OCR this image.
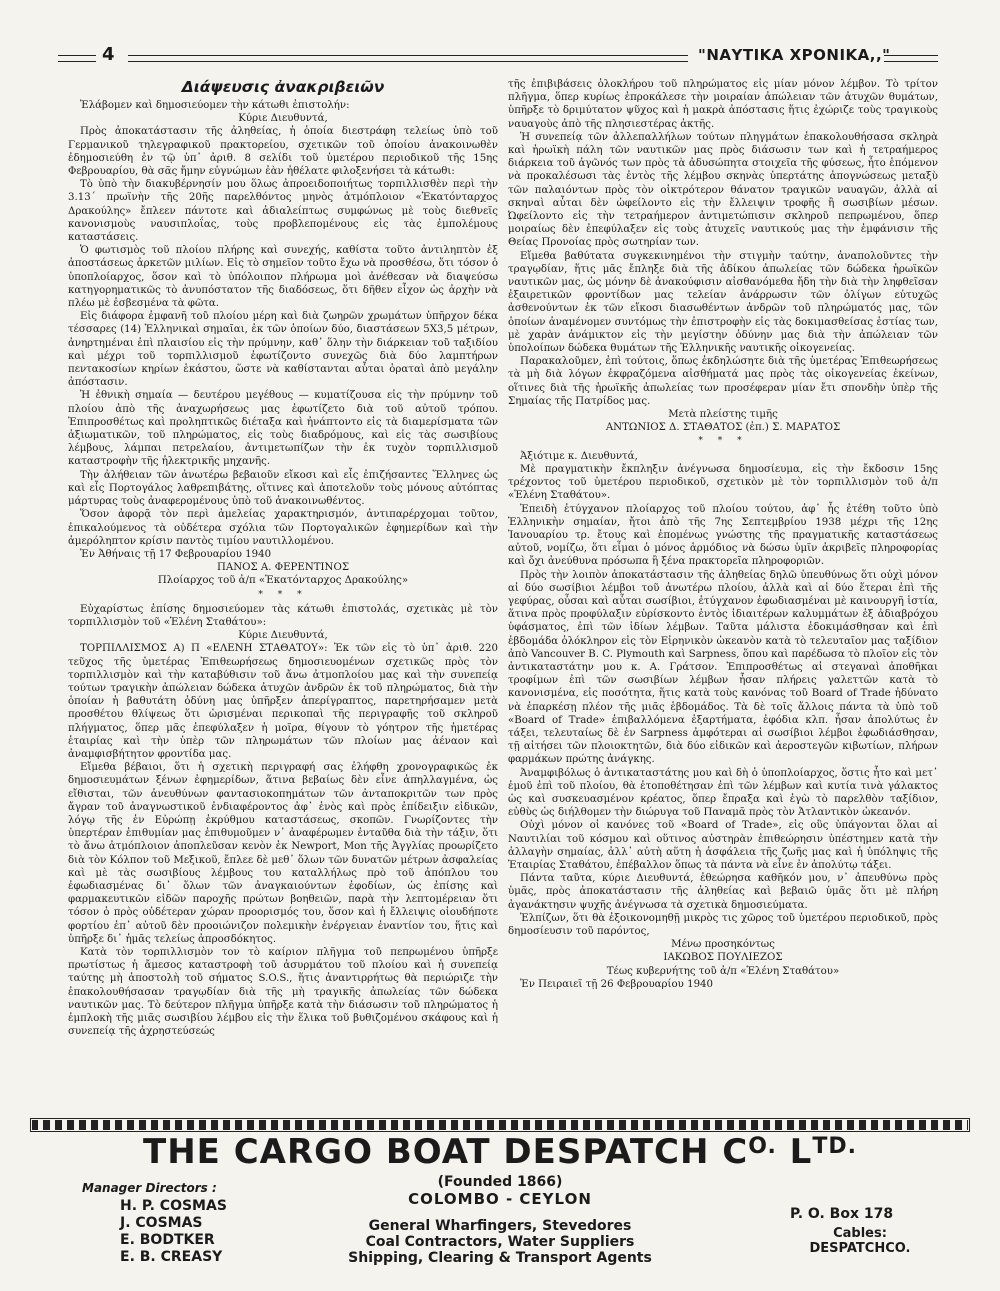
4	"ΝΑΥΤΙΚΑ ΧΡΟΝΙΚΑ,,"
Διάψευσις ἀνακριβειῶν

Ἐλάβομεν καὶ δημοσιεύομεν τὴν κάτωθι ἐπιστολήν:

Κύριε Διευθυντά,

Πρὸς ἀποκατάστασιν τῆς ἀληθείας, ἡ ὁποία διεστράφη τελείως ὑπὸ τοῦ Γερμανικοῦ τηλεγραφικοῦ πρακτορείου, σχετικῶν τοῦ ὁποίου ἀνακοινωθὲν ἐδημοσιεύθη ἐν τῷ ὑπ᾽ ἀριθ. 8 σελίδι τοῦ ὑμετέρου περιοδικοῦ τῆς 15ης Φεβρουαρίου, θὰ σᾶς ἤμην εὐγνώμων ἐὰν ἠθέλατε φιλοξενήσει τὰ κάτωθι:

Τὸ ὑπὸ τὴν διακυβέρνησίν μου ὅλως ἀπροειδοποιήτως τορπιλλισθὲν περὶ τὴν 3.13΄ πρωϊνὴν τῆς 20ῆς παρελθόντος μηνὸς ἀτμόπλοιον «Ἑκατόνταρχος Δρακούλης» ἔπλεεν πάντοτε καὶ ἀδιαλείπτως συμφώνως μὲ τοὺς διεθνεῖς κανονισμοὺς ναυσιπλοΐας, τοὺς προβλεπομένους εἰς τὰς ἐμπολέμους καταστάσεις.

Ὁ φωτισμὸς τοῦ πλοίου πλήρης καὶ συνεχής, καθίστα τοῦτο ἀντιληπτὸν ἐξ ἀποστάσεως ἀρκετῶν μιλίων. Εἰς τὸ σημεῖον τοῦτο ἔχω νὰ προσθέσω, ὅτι τόσον ὁ ὑποπλοίαρχος, ὅσον καὶ τὸ ὑπόλοιπον πλήρωμα μοὶ ἀνέθεσαν νὰ διαψεύσω κατηγορηματικῶς τὸ ἀνυπόστατον τῆς διαδόσεως, ὅτι δῆθεν εἶχον ὡς ἀρχὴν νὰ πλέω μὲ ἐσβεσμένα τὰ φῶτα.

Εἰς διάφορα ἐμφανῆ τοῦ πλοίου μέρη καὶ διὰ ζωηρῶν χρωμάτων ὑπῆρχον δέκα τέσσαρες (14) Ἑλληνικαὶ σημαῖαι, ἐκ τῶν ὁποίων δύο, διαστάσεων 5Χ3,5 μέτρων, ἀνηρτημέναι ἐπὶ πλαισίου εἰς τὴν πρύμνην, καθ᾽ ὅλην τὴν διάρκειαν τοῦ ταξιδίου καὶ μέχρι τοῦ τορπιλλισμοῦ ἐφωτίζοντο συνεχῶς διὰ δύο λαμπτήρων πεντακοσίων κηρίων ἑκάστου, ὥστε νὰ καθίστανται αὗται ὁραταὶ ἀπὸ μεγάλην ἀπόστασιν.

Ἡ ἐθνικὴ σημαία — δευτέρου μεγέθους — κυματίζουσα εἰς τὴν πρύμνην τοῦ πλοίου ἀπὸ τῆς ἀναχωρήσεως μας ἐφωτίζετο διὰ τοῦ αὐτοῦ τρόπου. Ἐπιπροσθέτως καὶ προληπτικῶς διέταξα καὶ ἠνάπτοντο εἰς τὰ διαμερίσματα τῶν ἀξιωματικῶν, τοῦ πληρώματος, εἰς τοὺς διαδρόμους, καὶ εἰς τὰς σωσιβίους λέμβους, λάμπαι πετρελαίου, ἀντιμετωπίζων τὴν ἐκ τυχὸν τορπιλλισμοῦ καταστροφὴν τῆς ἠλεκτρικῆς μηχανῆς.

Τὴν ἀλήθειαν τῶν ἀνωτέρω βεβαιοῦν εἴκοσι καὶ εἷς ἐπιζήσαντες Ἕλληνες ὡς καὶ εἷς Πορτογάλος λαθρεπιβάτης, οἵτινες καὶ ἀποτελοῦν τοὺς μόνους αὐτόπτας μάρτυρας τοὺς ἀναφερομένους ὑπὸ τοῦ ἀνακοινωθέντος.

Ὅσον ἀφορᾷ τὸν περὶ ἀμελείας χαρακτηρισμόν, ἀντιπαρέρχομαι τοῦτον, ἐπικαλούμενος τὰ οὐδέτερα σχόλια τῶν Πορτογαλικῶν ἐφημερίδων καὶ τὴν ἀμερόληπτον κρίσιν παντὸς τιμίου ναυτιλλομένου.

Ἐν Ἀθήναις τῇ 17 Φεβρουαρίου 1940

ΠΑΝΟΣ Α. ΦΕΡΕΝΤΙΝΟΣ

Πλοίαρχος τοῦ ἀ/π «Ἑκατόνταρχος Δρακούλης»

* * *

Εὐχαρίστως ἐπίσης δημοσιεύομεν τὰς κάτωθι ἐπιστολάς, σχετικὰς μὲ τὸν τορπιλλισμὸν τοῦ «Ἑλένη Σταθάτου»:

Κύριε Διευθυντά,

ΤΟΡΠΙΛΛΙΣΜΟΣ Α) Π «ΕΛΕΝΗ ΣΤΑΘΑΤΟΥ»: Ἐκ τῶν εἰς τὸ ὑπ᾽ ἀριθ. 220 τεῦχος τῆς ὑμετέρας Ἐπιθεωρήσεως δημοσιευομένων σχετικῶς πρὸς τὸν τορπιλλισμὸν καὶ τὴν καταβύθισιν τοῦ ἄνω ἀτμοπλοίου μας καὶ τὴν συνεπείᾳ τούτων τραγικὴν ἀπώλειαν δώδεκα ἀτυχῶν ἀνδρῶν ἐκ τοῦ πληρώματος, διὰ τὴν ὁποίαν ἡ βαθυτάτη ὀδύνη μας ὑπῆρξεν ἀπερίγραπτος, παρετηρήσαμεν μετὰ προσθέτου θλίψεως ὅτι ὡρισμέναι περικοπαὶ τῆς περιγραφῆς τοῦ σκληροῦ πλήγματος, ὅπερ μᾶς ἐπεφύλαξεν ἡ μοῖρα, θίγουν τὸ γόητρον τῆς ἡμετέρας ἑταιρίας καὶ τὴν ὑπὲρ τῶν πληρωμάτων τῶν πλοίων μας ἀέναον καὶ ἀναμφισβήτητον φροντίδα μας.

Εἴμεθα βέβαιοι, ὅτι ἡ σχετικὴ περιγραφή σας ἐλήφθη χρονογραφικῶς ἐκ δημοσιευμάτων ξένων ἐφημερίδων, ἅτινα βεβαίως δὲν εἶνε ἀπηλλαγμένα, ὡς εἴθισται, τῶν ἀνευθύνων φαντασιοκοπημάτων τῶν ἀνταποκριτῶν των πρὸς ἄγραν τοῦ ἀναγνωστικοῦ ἐνδιαφέροντος ἀφ᾽ ἑνὸς καὶ πρὸς ἐπίδειξιν εἰδικῶν, λόγῳ τῆς ἐν Εὐρώπῃ ἐκρύθμου καταστάσεως, σκοπῶν. Γνωρίζοντες τὴν ὑπερτέραν ἐπιθυμίαν μας ἐπιθυμοῦμεν ν᾽ ἀναφέρωμεν ἐνταῦθα διὰ τὴν τάξιν, ὅτι τὸ ἄνω ἀτμόπλοιον ἀποπλεῦσαν κενὸν ἐκ Newport, Mon τῆς Ἀγγλίας προωρίζετο διὰ τὸν Κόλπον τοῦ Μεξικοῦ, ἔπλεε δὲ μεθ᾽ ὅλων τῶν δυνατῶν μέτρων ἀσφαλείας καὶ μὲ τὰς σωσιβίους λέμβους του καταλλήλως πρὸ τοῦ ἀπόπλου του ἐφωδιασμένας δι᾽ ὅλων τῶν ἀναγκαιούντων ἐφοδίων, ὡς ἐπίσης καὶ φαρμακευτικῶν εἰδῶν παροχῆς πρώτων βοηθειῶν, παρὰ τὴν λεπτομέρειαν ὅτι τόσον ὁ πρὸς οὐδέτεραν χώραν προορισμός του, ὅσον καὶ ἡ ἔλλειψις οἱουδήποτε φορτίου ἐπ᾽ αὐτοῦ δὲν προοιώνιζον πολεμικὴν ἐνέργειαν ἐναντίον του, ἥτις καὶ ὑπῆρξε δι᾽ ἡμᾶς τελείως ἀπροσδόκητος.

Κατὰ τὸν τορπιλλισμὸν τον τὸ καίριον πλῆγμα τοῦ πεπρωμένου ὑπῆρξε πρωτίστως ἡ ἄμεσος καταστροφὴ τοῦ ἀσυρμάτου τοῦ πλοίου καὶ ἡ συνεπείᾳ ταύτης μὴ ἀποστολὴ τοῦ σήματος S.O.S., ἥτις ἀναντιρρήτως θὰ περιώριζε τὴν ἐπακολουθήσασαν τραγῳδίαν διὰ τῆς μὴ τραγικῆς ἀπωλείας τῶν δώδεκα ναυτικῶν μας. Τὸ δεύτερον πλῆγμα ὑπῆρξε κατὰ τὴν διάσωσιν τοῦ πληρώματος ἡ ἐμπλοκὴ τῆς μιᾶς σωσιβίου λέμβου εἰς τὴν ἕλικα τοῦ βυθιζομένου σκάφους καὶ ἡ συνεπείᾳ τῆς ἀχρηστεύσεώς

τῆς ἐπιβιβάσεις ὁλοκλήρου τοῦ πληρώματος εἰς μίαν μόνον λέμβον. Τὸ τρίτον πλῆγμα, ὅπερ κυρίως ἐπροκάλεσε τὴν μοιραίαν ἀπώλειαν τῶν ἀτυχῶν θυμάτων, ὑπῆρξε τὸ δριμύτατον ψῦχος καὶ ἡ μακρὰ ἀπόστασις ἥτις ἐχώριζε τοὺς τραγικοὺς ναυαγοὺς ἀπὸ τῆς πλησιεστέρας ἀκτῆς.

Ἡ συνεπείᾳ τῶν ἀλλεπαλλήλων τούτων πληγμάτων ἐπακολουθήσασα σκληρὰ καὶ ἡρωϊκὴ πάλη τῶν ναυτικῶν μας πρὸς διάσωσιν των καὶ ἡ τετραήμερος διάρκεια τοῦ ἀγῶνός των πρὸς τὰ ἀδυσώπητα στοιχεῖα τῆς φύσεως, ἦτο ἑπόμενον νὰ προκαλέσωσι τὰς ἐντὸς τῆς λέμβου σκηνὰς ὑπερτάτης ἀπογνώσεως μεταξὺ τῶν παλαιόντων πρὸς τὸν οἰκτρότερον θάνατον τραγικῶν ναυαγῶν, ἀλλὰ αἱ σκηναὶ αὗται δὲν ὠφείλοντο εἰς τὴν ἔλλειψιν τροφῆς ἢ σωσιβίων μέσων. Ὠφείλοντο εἰς τὴν τετραήμερον ἀντιμετώπισιν σκληροῦ πεπρωμένου, ὅπερ μοιραίως δὲν ἐπεφύλαξεν εἰς τοὺς ἀτυχεῖς ναυτικούς μας τὴν ἐμφάνισιν τῆς Θείας Προνοίας πρὸς σωτηρίαν των.

Εἴμεθα βαθύτατα συγκεκινημένοι τὴν στιγμὴν ταύτην, ἀναπολοῦντες τὴν τραγῳδίαν, ἥτις μᾶς ἔπληξε διὰ τῆς ἀδίκου ἀπωλείας τῶν δώδεκα ἡρωϊκῶν ναυτικῶν μας, ὡς μόνην δὲ ἀνακούφισιν αἰσθανόμεθα ἤδη τὴν διὰ τὴν ληφθεῖσαν ἐξαιρετικῶν φροντίδων μας τελείαν ἀνάρρωσιν τῶν ὀλίγων εὐτυχῶς ἀσθενούντων ἐκ τῶν εἴκοσι διασωθέντων ἀνδρῶν τοῦ πληρώματός μας, τῶν ὁποίων ἀναμένομεν συντόμως τὴν ἐπιστροφὴν εἰς τὰς δοκιμασθείσας ἑστίας των, μὲ χαρὰν ἀνάμικτον εἰς τὴν μεγίστην ὀδύνην μας διὰ τὴν ἀπώλειαν τῶν ὑπολοίπων δώδεκα θυμάτων τῆς Ἑλληνικῆς ναυτικῆς οἰκογενείας.

Παρακαλοῦμεν, ἐπὶ τούτοις, ὅπως ἐκδηλώσητε διὰ τῆς ὑμετέρας Ἐπιθεωρήσεως τὰ μὴ διὰ λόγων ἐκφραζόμενα αἰσθήματά μας πρὸς τὰς οἰκογενείας ἐκείνων, οἵτινες διὰ τῆς ἡρωϊκῆς ἀπωλείας των προσέφεραν μίαν ἔτι σπονδὴν ὑπὲρ τῆς Σημαίας τῆς Πατρίδος μας.

Μετὰ πλείστης τιμῆς

ΑΝΤΩΝΙΟΣ Δ. ΣΤΑΘΑΤΟΣ (ἐπ.) Σ. ΜΑΡΑΤΟΣ

* * *

Ἀξιότιμε κ. Διευθυντά,

Μὲ πραγματικὴν ἔκπληξιν ἀνέγνωσα δημοσίευμα, εἰς τὴν ἔκδοσιν 15ης τρέχοντος τοῦ ὑμετέρου περιοδικοῦ, σχετικὸν μὲ τὸν τορπιλλισμὸν τοῦ ἀ/π «Ἑλένη Σταθάτου».

Ἐπειδὴ ἐτύγχανον πλοίαρχος τοῦ πλοίου τούτου, ἀφ᾽ ἧς ἐτέθη τοῦτο ὑπὸ Ἑλληνικὴν σημαίαν, ἤτοι ἀπὸ τῆς 7ης Σεπτεμβρίου 1938 μέχρι τῆς 12ης Ἰανουαρίου τρ. ἔτους καὶ ἐπομένως γνώστης τῆς πραγματικῆς καταστάσεως αὐτοῦ, νομίζω, ὅτι εἶμαι ὁ μόνος ἁρμόδιος νὰ δώσω ὑμῖν ἀκριβεῖς πληροφορίας καὶ ὄχι ἀνεύθυνα πρόσωπα ἢ ξένα πρακτορεῖα πληροφοριῶν.

Πρὸς τὴν λοιπὸν ἀποκατάστασιν τῆς ἀληθείας δηλῶ ὑπευθύνως ὅτι οὐχὶ μόνον αἱ δύο σωσίβιοι λέμβοι τοῦ ἀνωτέρω πλοίου, ἀλλὰ καὶ αἱ δύο ἕτεραι ἐπὶ τῆς γεφύρας, οὖσαι καὶ αὗται σωσίβιοι, ἐτύγχανον ἐφωδιασμέναι μὲ καινουργῆ ἱστία, ἅτινα πρὸς προφύλαξιν εὑρίσκοντο ἐντὸς ἰδιαιτέρων καλυμμάτων ἐξ ἀδιαβρόχου ὑφάσματος, ἐπὶ τῶν ἰδίων λέμβων. Ταῦτα μάλιστα ἐδοκιμάσθησαν καὶ ἐπὶ ἑβδομάδα ὁλόκληρον εἰς τὸν Εἰρηνικὸν ὠκεανὸν κατὰ τὸ τελευταῖον μας ταξίδιον ἀπὸ Vancouver B. C. Plymouth καὶ Sarpness, ὅπου καὶ παρέδωσα τὸ πλοῖον εἰς τὸν ἀντικαταστάτην μου κ. Α. Γράτσον. Ἐπιπροσθέτως αἱ στεγαναὶ ἀποθῆκαι τροφίμων ἐπὶ τῶν σωσιβίων λέμβων ἦσαν πλήρεις γαλεττῶν κατὰ τὸ κανονισμένα, εἰς ποσότητα, ἥτις κατὰ τοὺς κανόνας τοῦ Board of Trade ἠδύνατο νὰ ἐπαρκέσῃ πλέον τῆς μιᾶς ἑβδομάδος. Τὰ δὲ τοῖς ἄλλοις πάντα τὰ ὑπὸ τοῦ «Board of Trade» ἐπιβαλλόμενα ἐξαρτήματα, ἐφόδια κλπ. ἦσαν ἀπολύτως ἐν τάξει, τελευταίως δὲ ἐν Sarpness ἀμφότεραι αἱ σωσίβιοι λέμβοι ἐφωδιάσθησαν, τῇ αἰτήσει τῶν πλοιοκτητῶν, διὰ δύο εἰδικῶν καὶ ἀεροστεγῶν κιβωτίων, πλήρων φαρμάκων πρώτης ἀνάγκης.

Ἀναμφιβόλως ὁ ἀντικαταστάτης μου καὶ δὴ ὁ ὑποπλοίαρχος, ὅστις ἦτο καὶ μετ᾽ ἐμοῦ ἐπὶ τοῦ πλοίου, θὰ ἐτοποθέτησαν ἐπὶ τῶν λέμβων καὶ κυτία τινὰ γάλακτος ὡς καὶ συσκευασμένον κρέατος, ὅπερ ἔπραξα καὶ ἐγὼ τὸ παρελθὸν ταξίδιον, εὐθὺς ὡς διήλθομεν τὴν διώρυγα τοῦ Παναμᾶ πρὸς τὸν Ἀτλαντικὸν ὠκεανόν.

Οὐχὶ μόνον οἱ κανόνες τοῦ «Board of Trade», εἰς οὓς ὑπάγονται ὅλαι αἱ Ναυτιλίαι τοῦ κόσμου καὶ οὕτινος αὐστηρὰν ἐπιθεώρησιν ὑπέστημεν κατὰ τὴν ἀλλαγὴν σημαίας, ἀλλ᾽ αὐτὴ αὕτη ἡ ἀσφάλεια τῆς ζωῆς μας καὶ ἡ ὑπόληψις τῆς Ἑταιρίας Σταθάτου, ἐπέβαλλον ὅπως τὰ πάντα νὰ εἶνε ἐν ἀπολύτῳ τάξει.

Πάντα ταῦτα, κύριε Διευθυντά, ἐθεώρησα καθῆκόν μου, ν᾽ ἀπευθύνω πρὸς ὑμᾶς, πρὸς ἀποκατάστασιν τῆς ἀληθείας καὶ βεβαιῶ ὑμᾶς ὅτι μὲ πλήρη ἀγανάκτησιν ψυχῆς ἀνέγνωσα τὰ σχετικὰ δημοσιεύματα.

Ἐλπίζων, ὅτι θὰ ἐξοικονομηθῇ μικρὸς τις χῶρος τοῦ ὑμετέρου περιοδικοῦ, πρὸς δημοσίευσιν τοῦ παρόντος,

Μένω προσηκόντως

ΙΑΚΩΒΟΣ ΠΟΥΛΙΕΖΟΣ

Τέως κυβερνήτης τοῦ ἀ/π «Ἑλένη Σταθάτου»

Ἐν Πειραιεῖ τῇ 26 Φεβρουαρίου 1940

THE CARGO BOAT DESPATCH $C^{O.}$ $L^{TD.}$
(Founded 1866)
COLOMBO - CEYLON
Manager Directors :
H. P. COSMAS
J. COSMAS
E. BODTKER
E. B. CREASY
General Wharfingers, Stevedores
Coal Contractors, Water Suppliers
Shipping, Clearing & Transport Agents
P. O. Box 178
Cables:
DESPATCHCO.
